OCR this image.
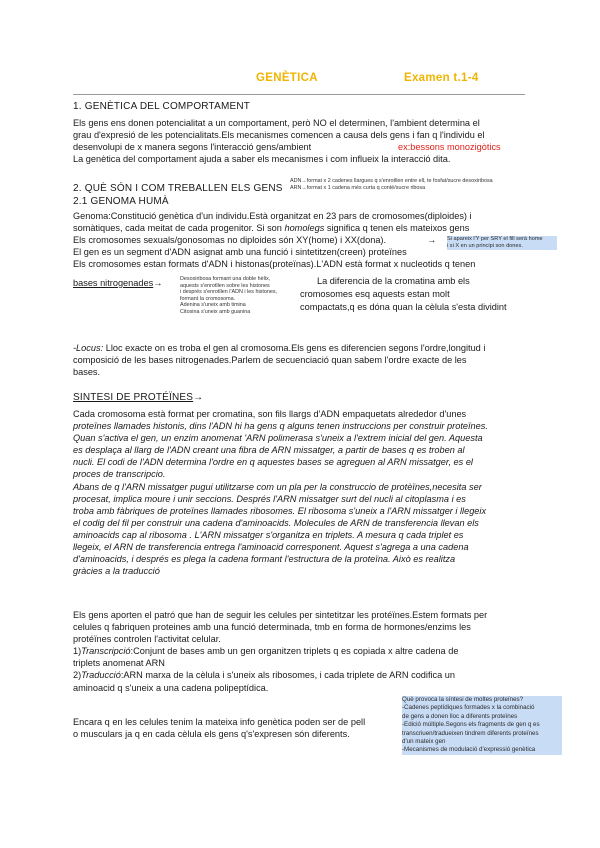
GENÈTICA	Examen t.1-4
1. GENÈTICA DEL COMPORTAMENT
Els gens ens donen potencialitat a un comportament, però NO el determinen, l'ambient determina el
grau d'expresió de les potencialitats.Els mecanismes comencen a causa dels gens i fan q l'individu el
desenvolupi de x manera segons l'interacció gens/ambient	ex:bessons monozigòtics
La genètica del comportament ajuda a saber els mecanismes i com influeix la interacció dita.
2. QUÈ SÓN I COM TREBALLEN ELS GENS
ADN→format x 2 cadenes llargues q s'enrotllen entre ell, te fosfat/sucre desoxiribosa
ARN→format x 1 cadena més curta q conté/sucre ribosa
2.1 GENOMA HUMÀ
Genoma:Constitució genètica d'un individu.Està organitzat en 23 pars de cromosomes(diploides) i
somàtiques, cada meitat de cada progenitor. Si son homolegs significa q tenen els mateixos gens
Els cromosomes sexuals/gonosomas no diploides són XY(home) i XX(dona).	→
El gen es un segment d'ADN asignat amb una funció i sintetitzen(creen) proteïnes
Els cromosomes estan formats d'ADN i histonas(proteïnas).L'ADN està format x nucleotids q tenen
Si apareix l'Y per SRY el fill serà home
i si X en un principi son dones.
bases nitrogenades→	Desoxiribosa formant una doble hèlix,
aquests s'enrotllen sobre les histones
i després s'enrotllen l'ADN i les histones,
formant la cromosoma.
Adenina s'uneix amb timina
Citosina s'uneix amb guanina
La diferencia de la cromatina amb els
cromosomes esq aquests estan molt
compactats,q es dóna quan la cèlula s'esta dividint
-Locus: Lloc exacte on es troba el gen al cromosoma.Els gens es diferencien segons l'ordre,longitud i
composició de les bases nitrogenades.Parlem de secuenciació quan sabem l'ordre exacte de les
bases.
SINTESI DE PROTÉÏNES→
Cada cromosoma està format per cromatina, son fils llargs d'ADN empaquetats alrededor d'unes
proteïnes llamades histonis, dins l'ADN hi ha gens q alguns tenen instruccions per construir proteïnes.
Quan s'activa el gen, un enzim anomenat 'ARN polimerasa s'uneix a l'extrem inicial del gen. Aquesta
es desplaça al llarg de l'ADN creant una fibra de ARN missatger, a partir de bases q es troben al
nucli. El codi de l'ADN determina l'ordre en q aquestes bases se agreguen al ARN missatger, es el
proces de transcripcio.
Abans de q l'ARN missatger pugui utilitzarse com un pla per la construccio de protèïnes,necesita ser
procesat, implica moure i unir seccions. Després l'ARN missatger surt del nucli al citoplasma i es
troba amb fàbriques de proteïnes llamades ribosomes. El ribosoma s'uneix a l'ARN missatger i llegeix
el codig del fil per construir una cadena d'aminoacids. Molecules de ARN de transferencia llevan els
aminoacids cap al ribosoma . L'ARN missatger s'organitza en triplets. A mesura q cada triplet es
llegeix, el ARN de transferencia entrega l'aminoacid corresponent. Aquest s'agrega a una cadena
d'aminoacids, i després es plega la cadena formant l'estructura de la proteïna. Això es realitza
gràcies a la traducció
Els gens aporten el patró que han de seguir les celules per sintetitzar les protéïnes.Estem formats per
celules q fabriquen proteines amb una funció determinada, tmb en forma de hormones/enzims les
protéïnes controlen l'activitat celular.
1)Transcripció:Conjunt de bases amb un gen organitzen triplets q es copiada x altre cadena de
triplets anomenat ARN
2)Traducció:ARN marxa de la cèlula i s'uneix als ribosomes, i cada triplete de ARN codifica un
aminoacid q s'uneix a una cadena polipeptídica.
Encara q en les celules tenim la mateixa info genètica poden ser de pell
o musculars ja q en cada cèlula els gens q's'expresen són diferents.
Què provoca la síntesi de moltes proteïnes?
-Cadenes peptídiques formades x la combinació
de gens a donen lloc a diferents proteïnes
-Edició múltiple.Segons els fragments de gen q es
transcriuen/tradueixen tindrem diferents proteïnes
d'un mateix gen
-Mecanismes de modulació d'expressió genètica
